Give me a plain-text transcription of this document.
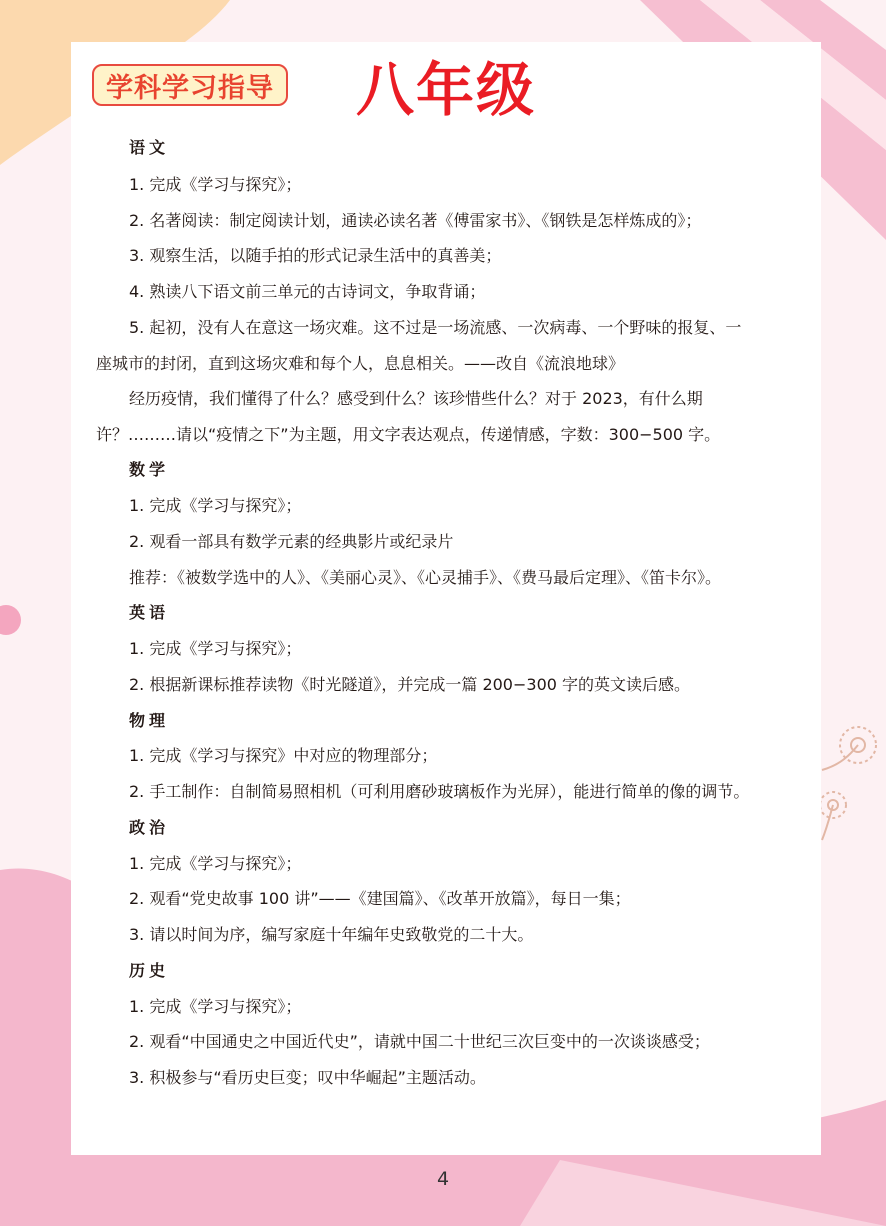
学科学习指导 八年级
语文
1. 完成《学习与探究》；
2. 名著阅读：制定阅读计划，通读必读名著《傅雷家书》、《钢铁是怎样炼成的》；
3. 观察生活，以随手拍的形式记录生活中的真善美；
4. 熟读八下语文前三单元的古诗词文，争取背诵；
5. 起初，没有人在意这一场灾难。这不过是一场流感、一次病毒、一个野味的报复、一
座城市的封闭，直到这场灾难和每个人，息息相关。——改自《流浪地球》
经历疫情，我们懂得了什么？感受到什么？该珍惜些什么？对于 2023，有什么期
许？………请以“疫情之下”为主题，用文字表达观点，传递情感，字数：300−500 字。
数学
1. 完成《学习与探究》；
2. 观看一部具有数学元素的经典影片或纪录片
推荐：《被数学选中的人》、《美丽心灵》、《心灵捕手》、《费马最后定理》、《笛卡尔》。
英语
1. 完成《学习与探究》；
2. 根据新课标推荐读物《时光隧道》，并完成一篇 200−300 字的英文读后感。
物理
1. 完成《学习与探究》中对应的物理部分；
2. 手工制作：自制简易照相机（可利用磨砂玻璃板作为光屏），能进行简单的像的调节。
政治
1. 完成《学习与探究》；
2. 观看“党史故事 100 讲”——《建国篇》、《改革开放篇》，每日一集；
3. 请以时间为序，编写家庭十年编年史致敬党的二十大。
历史
1. 完成《学习与探究》；
2. 观看“中国通史之中国近代史”，请就中国二十世纪三次巨变中的一次谈谈感受；
3. 积极参与“看历史巨变；叹中华崛起”主题活动。
4
